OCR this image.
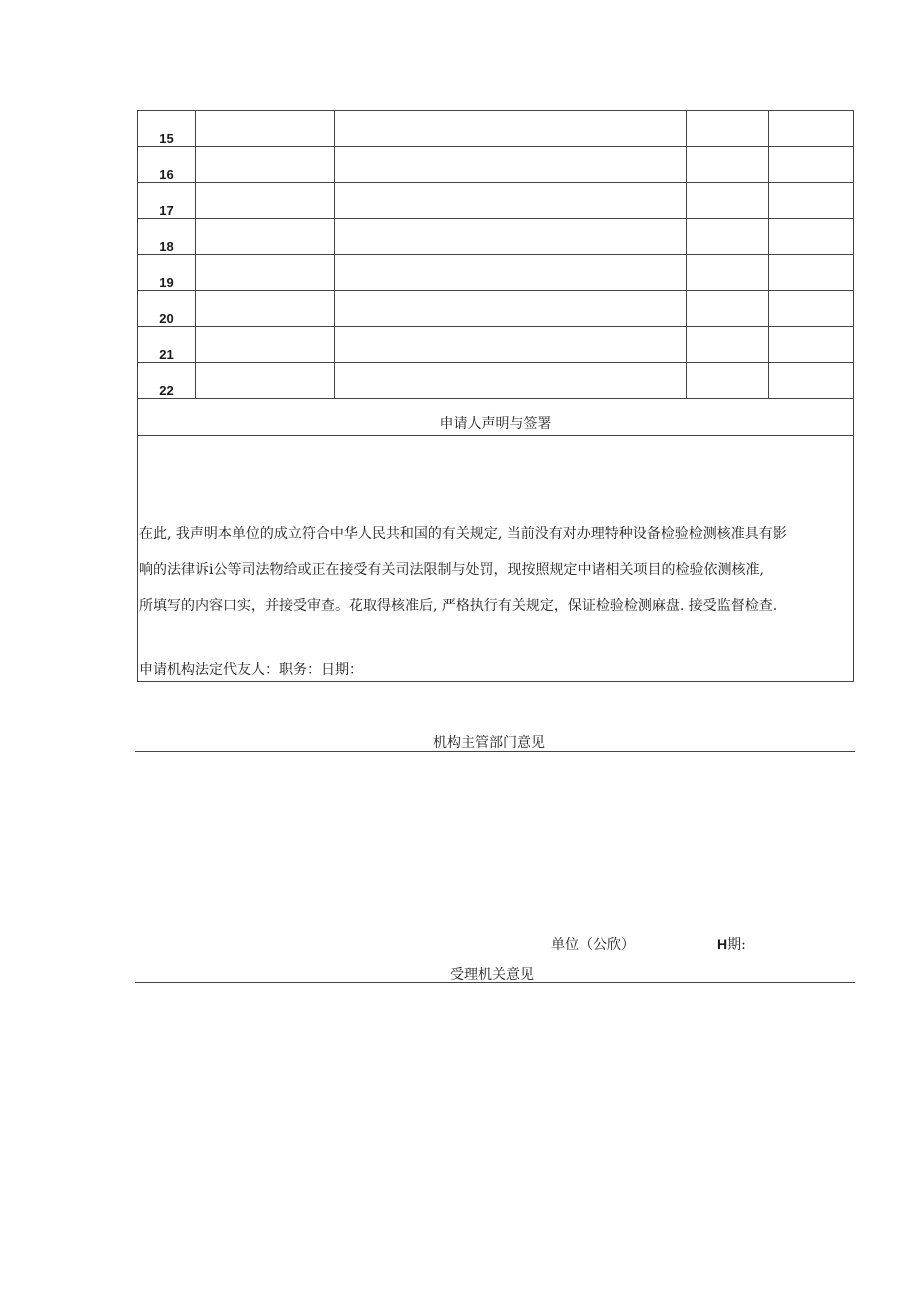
15				
16				
17				
18				
19				
20				
21				
22				
申请人声明与签署				

在此, 我声明本单位的成立符合中华人民共和国的有关规定, 当前没有对办理特种设备检验检测核准具有影
响的法律诉i公等司法物给或正在接受有关司法限制与处罚，现按照规定中诸相关项目的检验依测核准,
所填写的内容口实，并接受审查。花取得核准后, 严格执行有关规定，保证检验检测麻盘. 接受监督检查.
申请机构法定代友人：职务：日期：				
机构主管部门意见
单位（公欣）	H期:
受理机关意见
